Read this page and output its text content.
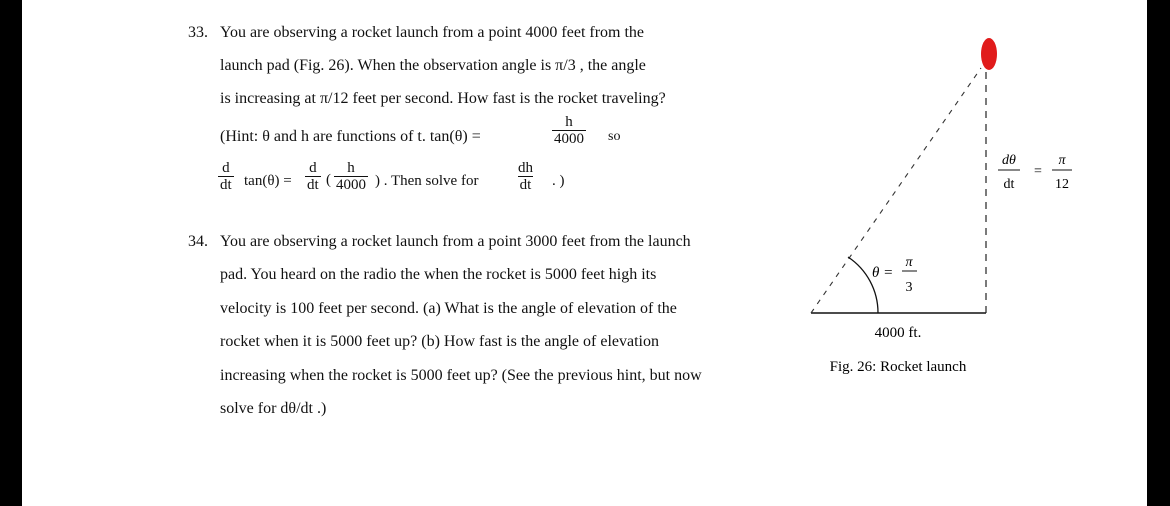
33. You are observing a rocket launch from a point 4000 feet from the
launch pad (Fig. 26). When the observation angle is π/3 , the angle
is increasing at π/12 feet per second. How fast is the rocket traveling?
(Hint: θ and h are functions of t. tan(θ) =	$\frac{h}{4000}$ so
$\frac{d}{dt} \tan(\theta) = \frac{d}{dt}$ ( $\frac{h}{4000}$ ) . Then solve for	$\frac{dh}{dt}$ . )
34. You are observing a rocket launch from a point 3000 feet from the launch
pad. You heard on the radio the when the rocket is 5000 feet high its
velocity is 100 feet per second. (a) What is the angle of elevation of the
rocket when it is 5000 feet up? (b) How fast is the angle of elevation
increasing when the rocket is 5000 feet up? (See the previous hint, but now
solve for dθ/dt .)
θ =
π
3
dθ
dt
=
π
12
4000 ft.
Fig. 26: Rocket launch
